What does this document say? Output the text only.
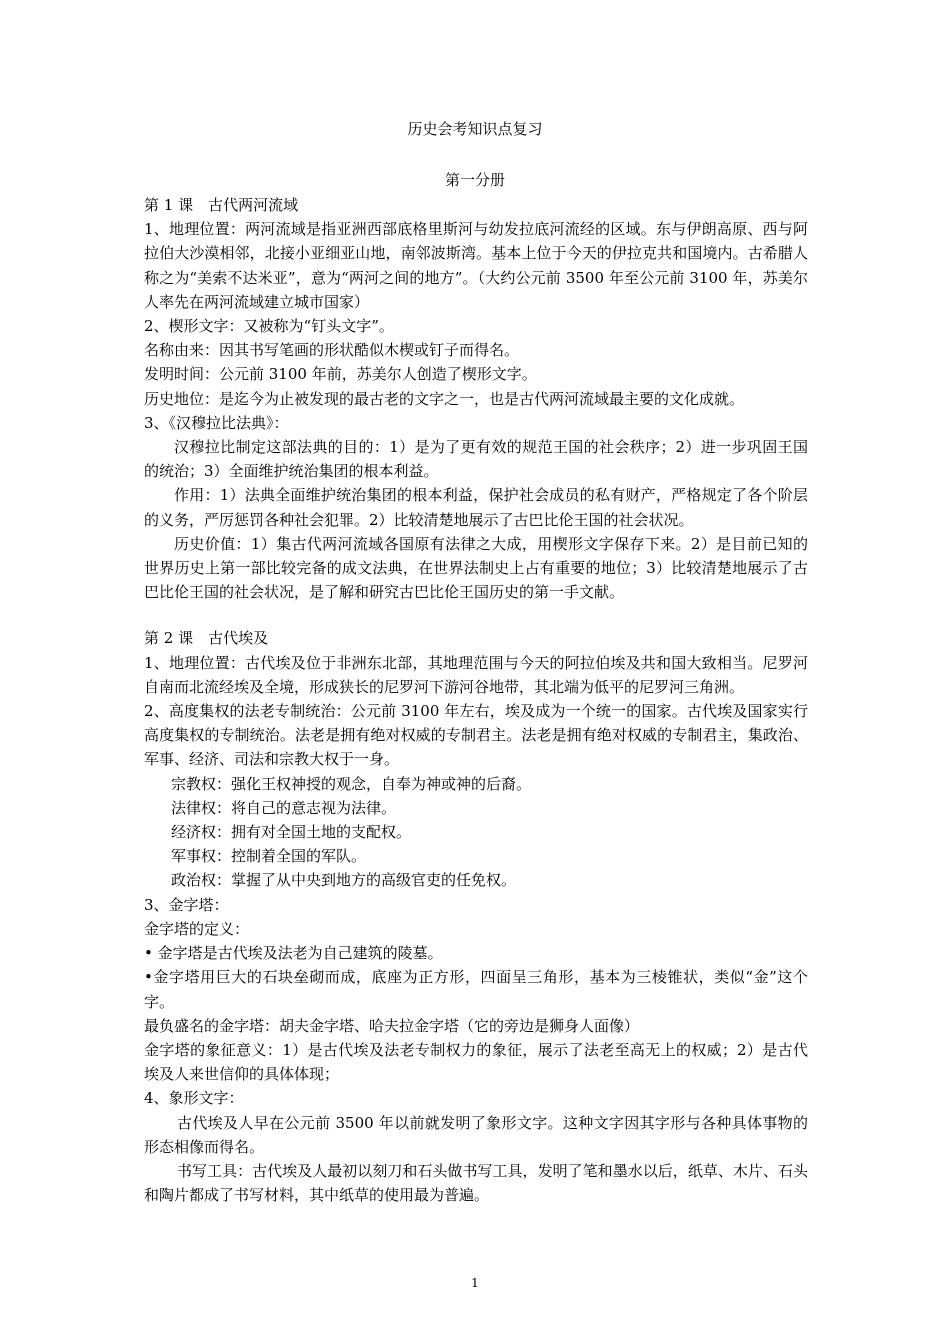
历史会考知识点复习
第一分册

第 1 课　古代两河流域

1、地理位置：两河流域是指亚洲西部底格里斯河与幼发拉底河流经的区域。东与伊朗高原、西与阿拉伯大沙漠相邻，北接小亚细亚山地，南邻波斯湾。基本上位于今天的伊拉克共和国境内。古希腊人称之为“美索不达米亚”，意为“两河之间的地方”。（大约公元前 3500 年至公元前 3100 年，苏美尔人率先在两河流域建立城市国家）

2、楔形文字：又被称为“钉头文字”。

名称由来：因其书写笔画的形状酷似木楔或钉子而得名。

发明时间：公元前 3100 年前，苏美尔人创造了楔形文字。

历史地位：是迄今为止被发现的最古老的文字之一，也是古代两河流域最主要的文化成就。

3、《汉穆拉比法典》：

汉穆拉比制定这部法典的目的：1）是为了更有效的规范王国的社会秩序；2）进一步巩固王国的统治；3）全面维护统治集团的根本利益。

作用：1）法典全面维护统治集团的根本利益，保护社会成员的私有财产，严格规定了各个阶层的义务，严厉惩罚各种社会犯罪。2）比较清楚地展示了古巴比伦王国的社会状况。

历史价值：1）集古代两河流域各国原有法律之大成，用楔形文字保存下来。2）是目前已知的世界历史上第一部比较完备的成文法典，在世界法制史上占有重要的地位；3）比较清楚地展示了古巴比伦王国的社会状况，是了解和研究古巴比伦王国历史的第一手文献。

第 2 课　古代埃及

1、地理位置：古代埃及位于非洲东北部，其地理范围与今天的阿拉伯埃及共和国大致相当。尼罗河自南而北流经埃及全境，形成狭长的尼罗河下游河谷地带，其北端为低平的尼罗河三角洲。

2、高度集权的法老专制统治：公元前 3100 年左右，埃及成为一个统一的国家。古代埃及国家实行高度集权的专制统治。法老是拥有绝对权威的专制君主。法老是拥有绝对权威的专制君主，集政治、军事、经济、司法和宗教大权于一身。

宗教权：强化王权神授的观念，自奉为神或神的后裔。

法律权：将自己的意志视为法律。

经济权：拥有对全国土地的支配权。

军事权：控制着全国的军队。

政治权：掌握了从中央到地方的高级官吏的任免权。

3、金字塔：

金字塔的定义：

• 金字塔是古代埃及法老为自己建筑的陵墓。

•金字塔用巨大的石块垒砌而成，底座为正方形，四面呈三角形，基本为三棱锥状，类似“金”这个字。

最负盛名的金字塔：胡夫金字塔、哈夫拉金字塔（它的旁边是狮身人面像）

金字塔的象征意义：1）是古代埃及法老专制权力的象征，展示了法老至高无上的权威；2）是古代埃及人来世信仰的具体体现；

4、象形文字：

古代埃及人早在公元前 3500 年以前就发明了象形文字。这种文字因其字形与各种具体事物的形态相像而得名。

书写工具：古代埃及人最初以刻刀和石头做书写工具，发明了笔和墨水以后，纸草、木片、石头和陶片都成了书写材料，其中纸草的使用最为普遍。

1
